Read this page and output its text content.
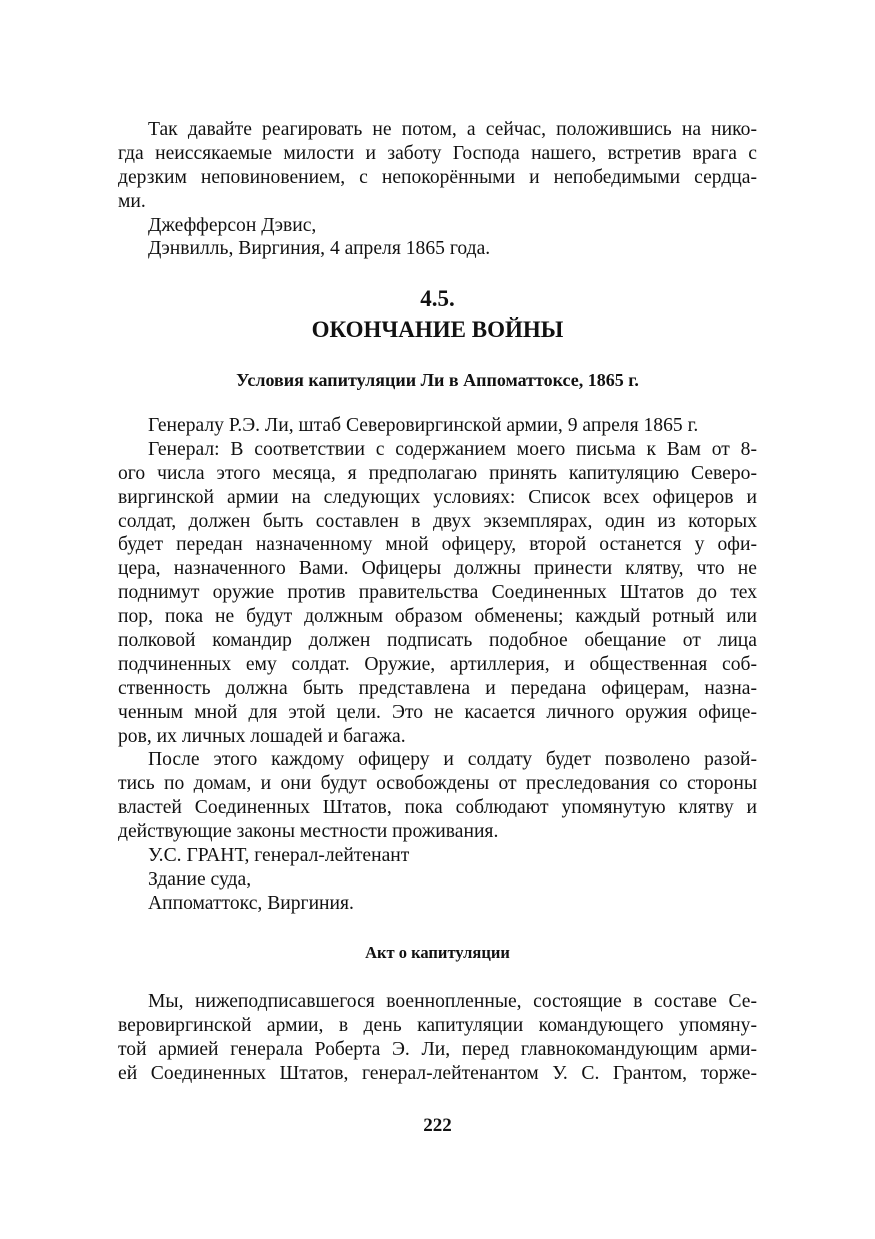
Так давайте реагировать не потом, а сейчас, положившись на нико-
гда неиссякаемые милости и заботу Господа нашего, встретив врага с
дерзким неповиновением, с непокорёнными и непобедимыми сердца-
ми.
Джефферсон Дэвис,
Дэнвилль, Виргиния, 4 апреля 1865 года.
4.5.
ОКОНЧАНИЕ ВОЙНЫ
Условия капитуляции Ли в Аппоматтоксе, 1865 г.
Генералу Р.Э. Ли, штаб Северовиргинской армии, 9 апреля 1865 г.
Генерал: В соответствии с содержанием моего письма к Вам от 8-
ого числа этого месяца, я предполагаю принять капитуляцию Северо-
виргинской армии на следующих условиях: Список всех офицеров и
солдат, должен быть составлен в двух экземплярах, один из которых
будет передан назначенному мной офицеру, второй останется у офи-
цера, назначенного Вами. Офицеры должны принести клятву, что не
поднимут оружие против правительства Соединенных Штатов до тех
пор, пока не будут должным образом обменены; каждый ротный или
полковой командир должен подписать подобное обещание от лица
подчиненных ему солдат. Оружие, артиллерия, и общественная соб-
ственность должна быть представлена и передана офицерам, назна-
ченным мной для этой цели. Это не касается личного оружия офице-
ров, их личных лошадей и багажа.
После этого каждому офицеру и солдату будет позволено разой-
тись по домам, и они будут освобождены от преследования со стороны
властей Соединенных Штатов, пока соблюдают упомянутую клятву и
действующие законы местности проживания.
У.С. ГРАНТ, генерал-лейтенант
Здание суда,
Аппоматтокс, Виргиния.
Акт о капитуляции
Мы, нижеподписавшегося военнопленные, состоящие в составе Се-
веровиргинской армии, в день капитуляции командующего упомяну-
той армией генерала Роберта Э. Ли, перед главнокомандующим арми-
ей Соединенных Штатов, генерал-лейтенантом У. С. Грантом, торже-
222
